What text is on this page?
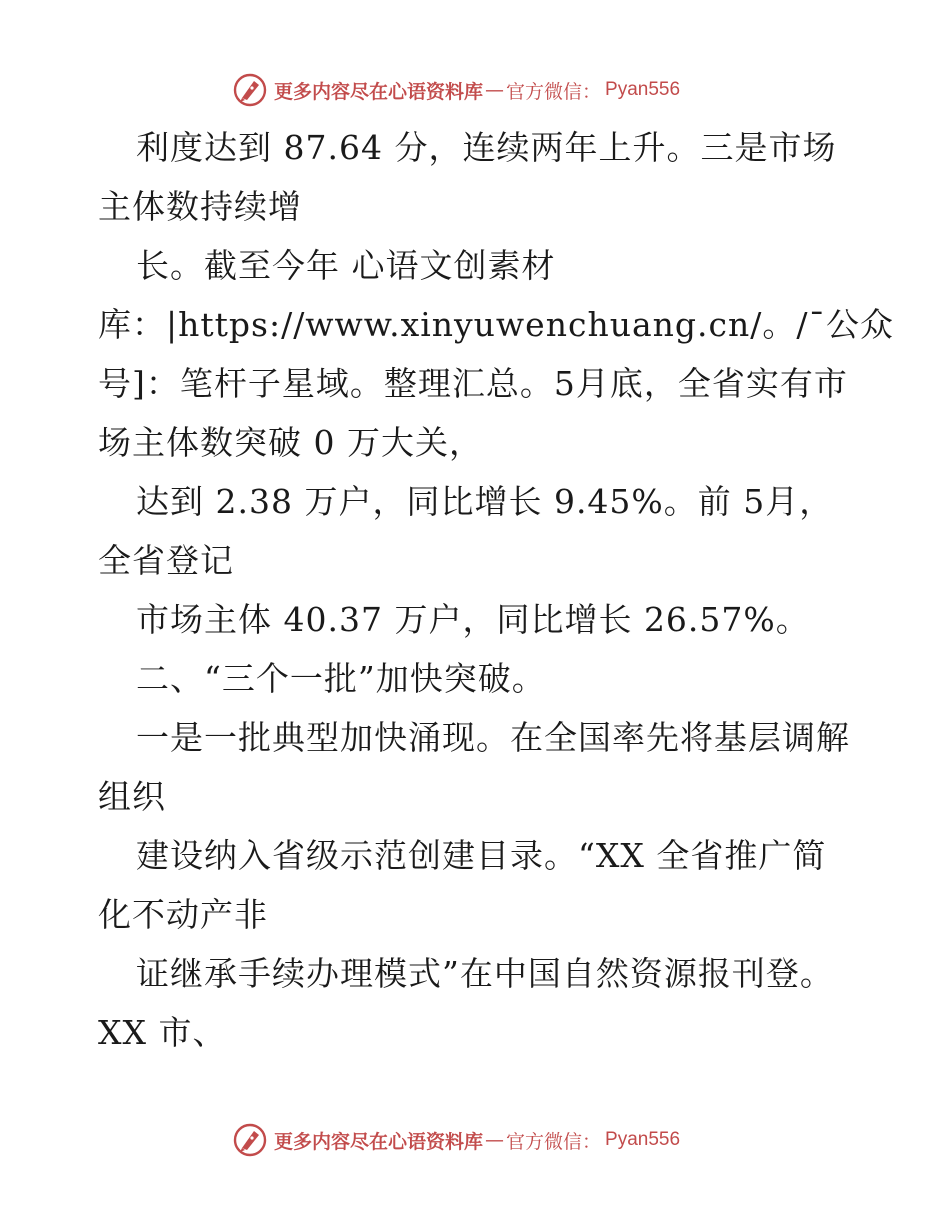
更多内容尽在心语资料库 — 官方微信： Pyan556

利度达到 87.64 分，连续两年上升。三是市场

主体数持续增

长。截至今年 心语文创素材

库：|https://www.xinyuwenchuang.cn/。/¯公众

号]：笔杆子星域。整理汇总。5月底，全省实有市

场主体数突破 0 万大关，

达到 2.38 万户，同比增长 9.45%。前 5月，

全省登记

市场主体 40.37 万户，同比增长 26.57%。

二、“三个一批”加快突破。

一是一批典型加快涌现。在全国率先将基层调解

组织

建设纳入省级示范创建目录。“XX 全省推广简

化不动产非

证继承手续办理模式”在中国自然资源报刊登。

XX 市、

更多内容尽在心语资料库 — 官方微信： Pyan556
